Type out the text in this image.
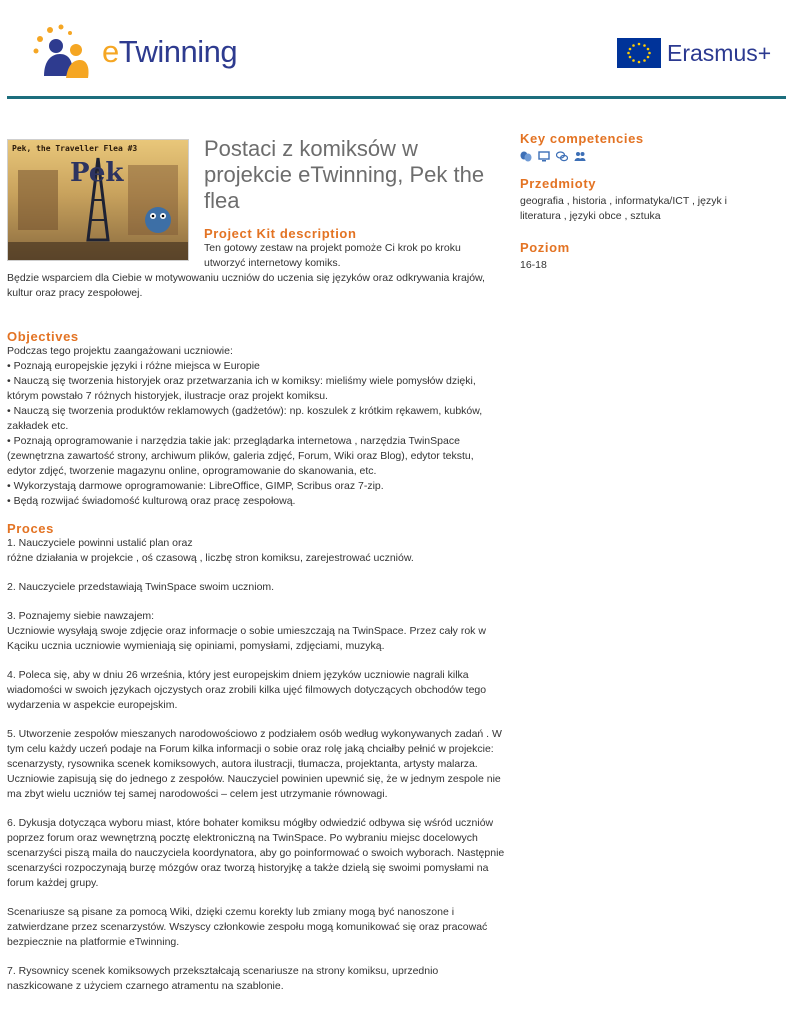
eTwinning	Erasmus+
Pek, the Traveller Flea #3
Pek
Postaci z komiksów w projekcie eTwinning, Pek the flea
Project Kit description
Ten gotowy zestaw na projekt pomoże Ci krok po kroku utworzyć internetowy komiks.
Będzie wsparciem dla Ciebie w motywowaniu uczniów do uczenia się języków oraz odkrywania krajów, kultur oraz pracy zespołowej.
Objectives
Podczas tego projektu zaangażowani uczniowie:
• Poznają europejskie języki i różne miejsca w Europie
• Nauczą się tworzenia historyjek oraz przetwarzania ich w komiksy: mieliśmy wiele pomysłów dzięki, którym powstało 7 różnych historyjek, ilustracje oraz projekt komiksu.
• Nauczą się tworzenia produktów reklamowych (gadżetów): np. koszulek z krótkim rękawem, kubków, zakładek etc.
• Poznają oprogramowanie i narzędzia takie jak: przeglądarka internetowa , narzędzia TwinSpace (zewnętrzna zawartość strony, archiwum plików, galeria zdjęć, Forum, Wiki oraz Blog), edytor tekstu, edytor zdjęć, tworzenie magazynu online, oprogramowanie do skanowania, etc.
• Wykorzystają darmowe oprogramowanie: LibreOffice, GIMP, Scribus oraz 7-zip.
• Będą rozwijać świadomość kulturową oraz pracę zespołową.
Proces

1. Nauczyciele powinni ustalić plan oraz
różne działania w projekcie , oś czasową , liczbę stron komiksu, zarejestrować uczniów.

2. Nauczyciele przedstawiają TwinSpace swoim uczniom.

3. Poznajemy siebie nawzajem:
Uczniowie wysyłają swoje zdjęcie oraz informacje o sobie umieszczają na TwinSpace. Przez cały rok w Kąciku ucznia uczniowie wymieniają się opiniami, pomysłami, zdjęciami, muzyką.

4. Poleca się, aby w dniu 26 września, który jest europejskim dniem języków uczniowie nagrali kilka wiadomości w swoich językach ojczystych oraz zrobili kilka ujęć filmowych dotyczących obchodów tego wydarzenia w aspekcie europejskim.

5. Utworzenie zespołów mieszanych narodowościowo z podziałem osób według wykonywanych zadań . W tym celu każdy uczeń podaje na Forum kilka informacji o sobie oraz rolę jaką chciałby pełnić w projekcie: scenarzysty, rysownika scenek komiksowych, autora ilustracji, tłumacza, projektanta, artysty malarza.
Uczniowie zapisują się do jednego z zespołów. Nauczyciel powinien upewnić się, że w jednym zespole nie ma zbyt wielu uczniów tej samej narodowości – celem jest utrzymanie równowagi.

6. Dykusja dotycząca wyboru miast, które bohater komiksu mógłby odwiedzić odbywa się wśród uczniów poprzez forum oraz wewnętrzną pocztę elektroniczną na TwinSpace. Po wybraniu miejsc docelowych scenarzyści piszą maila do nauczyciela koordynatora, aby go poinformować o swoich wyborach. Następnie scenarzyści rozpoczynają burzę mózgów oraz tworzą historyjkę a także dzielą się swoimi pomysłami na forum każdej grupy.

Scenariusze są pisane za pomocą Wiki, dzięki czemu korekty lub zmiany mogą być nanoszone i zatwierdzane przez scenarzystów. Wszyscy członkowie zespołu mogą komunikować się oraz pracować bezpiecznie na platformie eTwinning.

7. Rysownicy scenek komiksowych przekształcają scenariusze na strony komiksu, uprzednio naszkicowane z użyciem czarnego atramentu na szablonie.

Key competencies
Przedmioty
geografia , historia , informatyka/ICT , język i literatura , języki obce , sztuka
Poziom
16-18
